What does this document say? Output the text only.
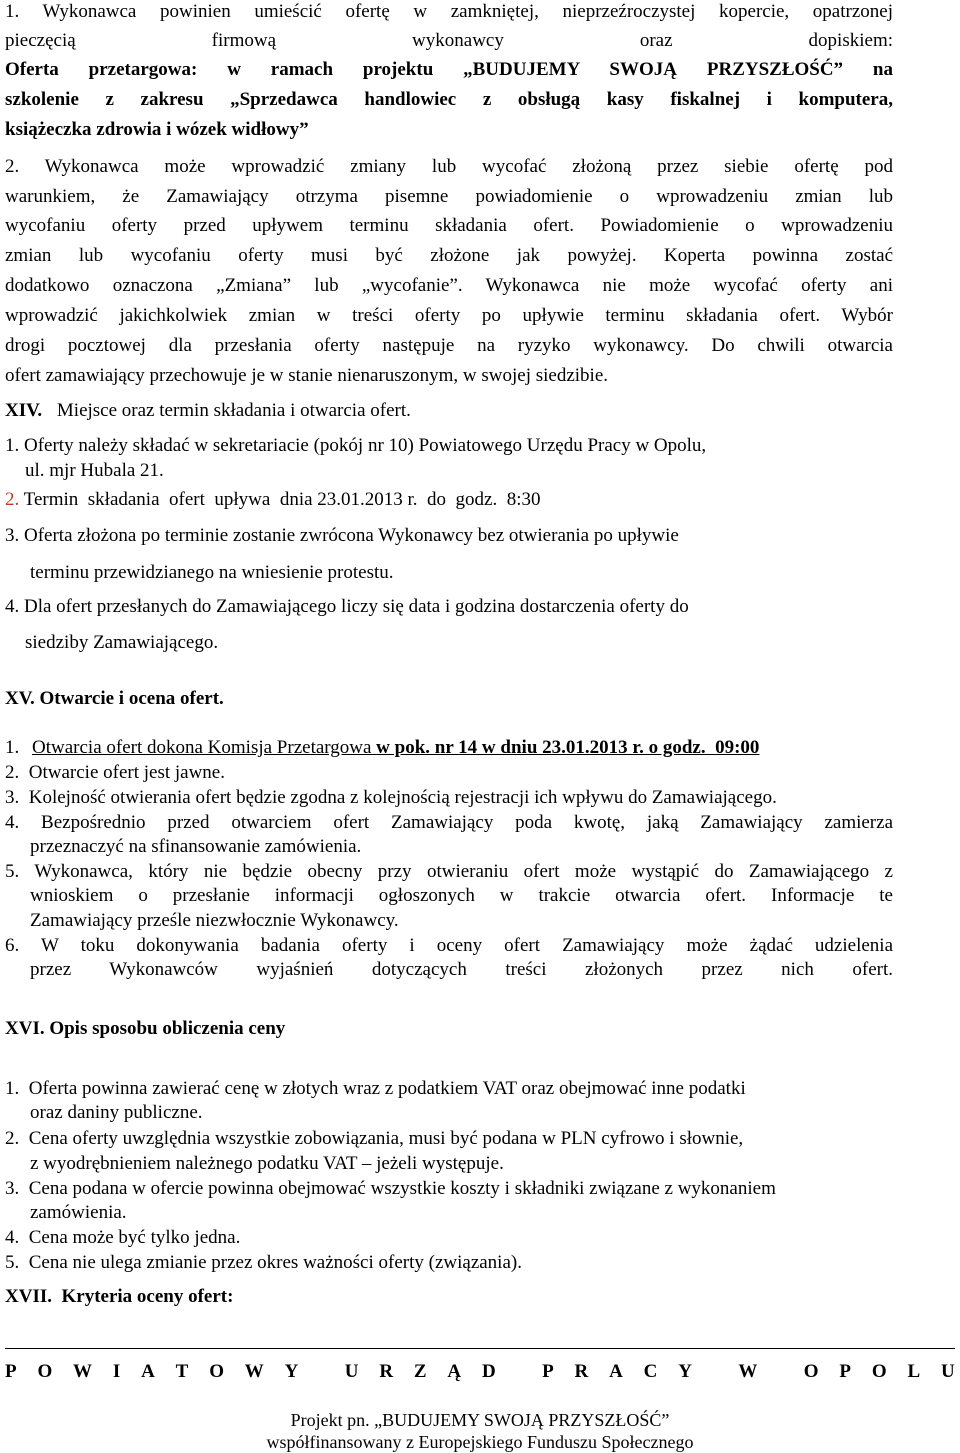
1. Wykonawca powinien umieścić ofertę w zamkniętej, nieprzeźroczystej kopercie, opatrzonej
pieczęcią firmową wykonawcy oraz dopiskiem:
Oferta przetargowa: w ramach projektu „BUDUJEMY SWOJĄ PRZYSZŁOŚĆ” na
szkolenie z zakresu „Sprzedawca handlowiec z obsługą kasy fiskalnej i komputera,
książeczka zdrowia i wózek widłowy”
2. Wykonawca może wprowadzić zmiany lub wycofać złożoną przez siebie ofertę pod
warunkiem, że Zamawiający otrzyma pisemne powiadomienie o wprowadzeniu zmian lub
wycofaniu oferty przed upływem terminu składania ofert. Powiadomienie o wprowadzeniu
zmian lub wycofaniu oferty musi być złożone jak powyżej. Koperta powinna zostać
dodatkowo oznaczona „Zmiana” lub „wycofanie”. Wykonawca nie może wycofać oferty ani
wprowadzić jakichkolwiek zmian w treści oferty po upływie terminu składania ofert. Wybór
drogi pocztowej dla przesłania oferty następuje na ryzyko wykonawcy. Do chwili otwarcia
ofert zamawiający przechowuje je w stanie nienaruszonym, w swojej siedzibie.
XIV. Miejsce oraz termin składania i otwarcia ofert.
1. Oferty należy składać w sekretariacie (pokój nr 10) Powiatowego Urzędu Pracy w Opolu,
ul. mjr Hubala 21.
2. Termin  składania  ofert  upływa  dnia 23.01.2013 r.  do  godz.  8:30
3. Oferta złożona po terminie zostanie zwrócona Wykonawcy bez otwierania po upływie
terminu przewidzianego na wniesienie protestu.
4. Dla ofert przesłanych do Zamawiającego liczy się data i godzina dostarczenia oferty do
siedziby Zamawiającego.
XV. Otwarcie i ocena ofert.
1. Otwarcia ofert dokona Komisja Przetargowa w pok. nr 14 w dniu 23.01.2013 r. o godz. 09:00
2.  Otwarcie ofert jest jawne.
3.  Kolejność otwierania ofert będzie zgodna z kolejnością rejestracji ich wpływu do Zamawiającego.
4. Bezpośrednio przed otwarciem ofert Zamawiający poda kwotę, jaką Zamawiający zamierza
przeznaczyć na sfinansowanie zamówienia.
5. Wykonawca, który nie będzie obecny przy otwieraniu ofert może wystąpić do Zamawiającego z
wnioskiem o przesłanie informacji ogłoszonych w trakcie otwarcia ofert. Informacje te
Zamawiający prześle niezwłocznie Wykonawcy.
6. W toku dokonywania badania oferty i oceny ofert Zamawiający może żądać udzielenia
przez Wykonawców wyjaśnień dotyczących treści złożonych przez nich ofert.
XVI. Opis sposobu obliczenia ceny
1.  Oferta powinna zawierać cenę w złotych wraz z podatkiem VAT oraz obejmować inne podatki
oraz daniny publiczne.
2.  Cena oferty uwzględnia wszystkie zobowiązania, musi być podana w PLN cyfrowo i słownie,
z wyodrębnieniem należnego podatku VAT – jeżeli występuje.
3.  Cena podana w ofercie powinna obejmować wszystkie koszty i składniki związane z wykonaniem
zamówienia.
4.  Cena może być tylko jedna.
5.  Cena nie ulega zmianie przez okres ważności oferty (związania).
XVII.  Kryteria oceny ofert:
P O W I A T O W Y
U R Z Ą D
P R A C Y
W
O P O L U
Projekt pn. „BUDUJEMY SWOJĄ PRZYSZŁOŚĆ”
współfinansowany z Europejskiego Funduszu Społecznego
